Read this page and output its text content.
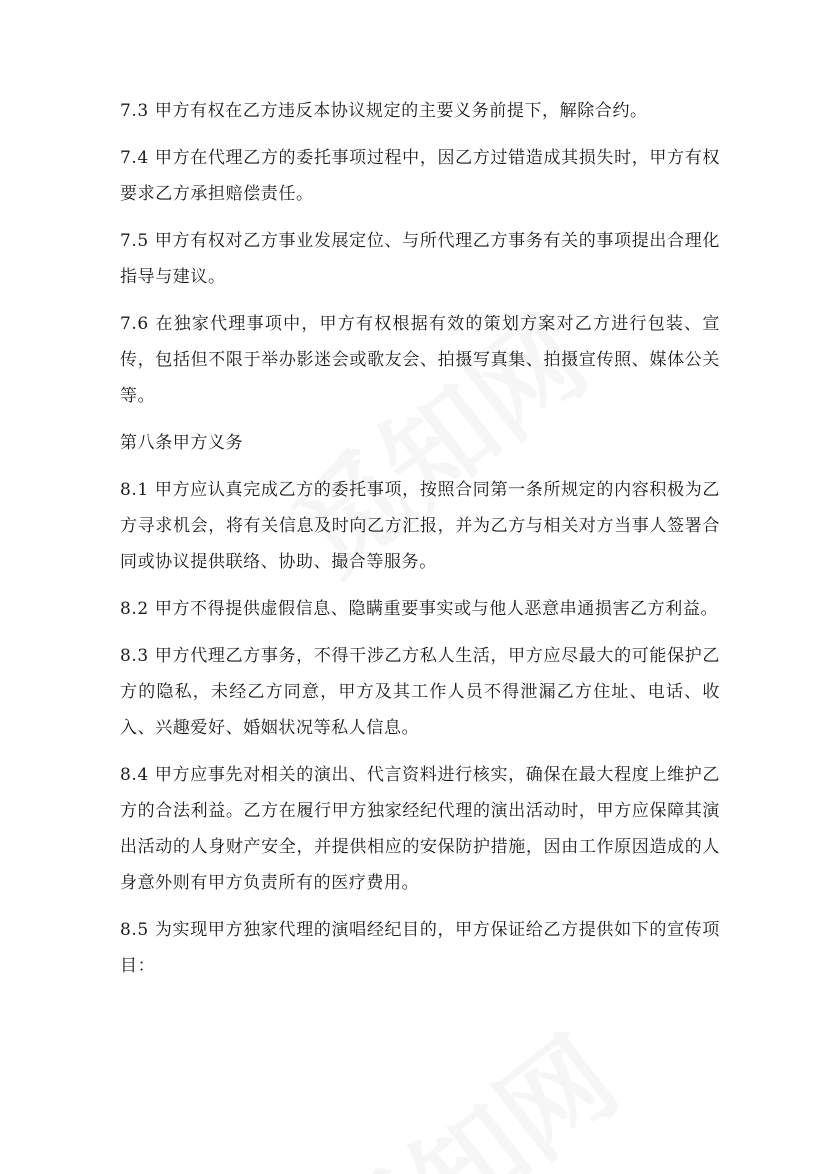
7.3 甲方有权在乙方违反本协议规定的主要义务前提下，解除合约。

7.4 甲方在代理乙方的委托事项过程中，因乙方过错造成其损失时，甲方有权要求乙方承担赔偿责任。

7.5 甲方有权对乙方事业发展定位、与所代理乙方事务有关的事项提出合理化指导与建议。

7.6 在独家代理事项中，甲方有权根据有效的策划方案对乙方进行包装、宣传，包括但不限于举办影迷会或歌友会、拍摄写真集、拍摄宣传照、媒体公关等。

第八条甲方义务

8.1 甲方应认真完成乙方的委托事项，按照合同第一条所规定的内容积极为乙方寻求机会，将有关信息及时向乙方汇报，并为乙方与相关对方当事人签署合同或协议提供联络、协助、撮合等服务。

8.2 甲方不得提供虚假信息、隐瞒重要事实或与他人恶意串通损害乙方利益。

8.3 甲方代理乙方事务，不得干涉乙方私人生活，甲方应尽最大的可能保护乙方的隐私，未经乙方同意，甲方及其工作人员不得泄漏乙方住址、电话、收入、兴趣爱好、婚姻状况等私人信息。

8.4 甲方应事先对相关的演出、代言资料进行核实，确保在最大程度上维护乙方的合法利益。乙方在履行甲方独家经纪代理的演出活动时，甲方应保障其演出活动的人身财产安全，并提供相应的安保防护措施，因由工作原因造成的人身意外则有甲方负责所有的医疗费用。

8.5 为实现甲方独家代理的演唱经纪目的，甲方保证给乙方提供如下的宣传项目：
